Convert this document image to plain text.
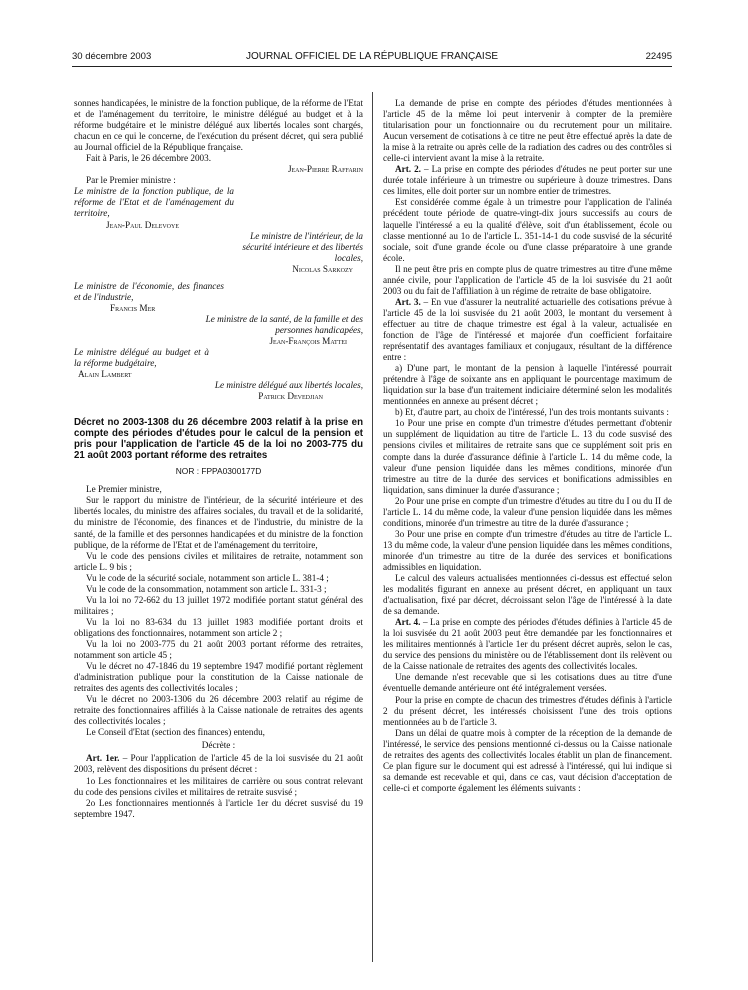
30 décembre 2003	JOURNAL OFFICIEL DE LA RÉPUBLIQUE FRANÇAISE	22495

sonnes handicapées, le ministre de la fonction publique, de la réforme de l'Etat et de l'aménagement du territoire, le ministre délégué au budget et à la réforme budgétaire et le ministre délégué aux libertés locales sont chargés, chacun en ce qui le concerne, de l'exécution du présent décret, qui sera publié au Journal officiel de la République française.

Fait à Paris, le 26 décembre 2003.

Jean-Pierre Raffarin

Par le Premier ministre :

Le ministre de la fonction publique, de la réforme de l'Etat et de l'aménagement du territoire,

Jean-Paul Delevoye

Le ministre de l'intérieur, de la sécurité intérieure et des libertés locales,

Nicolas Sarkozy

Le ministre de l'économie, des finances et de l'industrie,

Francis Mer

Le ministre de la santé, de la famille et des personnes handicapées,

Jean-François Mattei

Le ministre délégué au budget et à la réforme budgétaire,

Alain Lambert

Le ministre délégué aux libertés locales,

Patrick Devedjian

Décret no 2003-1308 du 26 décembre 2003 relatif à la prise en compte des périodes d'études pour le calcul de la pension et pris pour l'application de l'article 45 de la loi no 2003-775 du 21 août 2003 portant réforme des retraites

NOR : FPPA0300177D

Le Premier ministre,

Sur le rapport du ministre de l'intérieur, de la sécurité intérieure et des libertés locales, du ministre des affaires sociales, du travail et de la solidarité, du ministre de l'économie, des finances et de l'industrie, du ministre de la santé, de la famille et des personnes handicapées et du ministre de la fonction publique, de la réforme de l'Etat et de l'aménagement du territoire,

Vu le code des pensions civiles et militaires de retraite, notamment son article L. 9 bis ;

Vu le code de la sécurité sociale, notamment son article L. 381-4 ;

Vu le code de la consommation, notamment son article L. 331-3 ;

Vu la loi no 72-662 du 13 juillet 1972 modifiée portant statut général des militaires ;

Vu la loi no 83-634 du 13 juillet 1983 modifiée portant droits et obligations des fonctionnaires, notamment son article 2 ;

Vu la loi no 2003-775 du 21 août 2003 portant réforme des retraites, notamment son article 45 ;

Vu le décret no 47-1846 du 19 septembre 1947 modifié portant règlement d'administration publique pour la constitution de la Caisse nationale de retraites des agents des collectivités locales ;

Vu le décret no 2003-1306 du 26 décembre 2003 relatif au régime de retraite des fonctionnaires affiliés à la Caisse nationale de retraites des agents des collectivités locales ;

Le Conseil d'Etat (section des finances) entendu,

Décrète :

Art. 1er. – Pour l'application de l'article 45 de la loi susvisée du 21 août 2003, relèvent des dispositions du présent décret :

1o Les fonctionnaires et les militaires de carrière ou sous contrat relevant du code des pensions civiles et militaires de retraite susvisé ;

2o Les fonctionnaires mentionnés à l'article 1er du décret susvisé du 19 septembre 1947.

La demande de prise en compte des périodes d'études mentionnées à l'article 45 de la même loi peut intervenir à compter de la première titularisation pour un fonctionnaire ou du recrutement pour un militaire. Aucun versement de cotisations à ce titre ne peut être effectué après la date de la mise à la retraite ou après celle de la radiation des cadres ou des contrôles si celle-ci intervient avant la mise à la retraite.

Art. 2. – La prise en compte des périodes d'études ne peut porter sur une durée totale inférieure à un trimestre ou supérieure à douze trimestres. Dans ces limites, elle doit porter sur un nombre entier de trimestres.

Est considérée comme égale à un trimestre pour l'application de l'alinéa précédent toute période de quatre-vingt-dix jours successifs au cours de laquelle l'intéressé a eu la qualité d'élève, soit d'un établissement, école ou classe mentionné au 1o de l'article L. 351-14-1 du code susvisé de la sécurité sociale, soit d'une grande école ou d'une classe préparatoire à une grande école.

Il ne peut être pris en compte plus de quatre trimestres au titre d'une même année civile, pour l'application de l'article 45 de la loi susvisée du 21 août 2003 ou du fait de l'affiliation à un régime de retraite de base obligatoire.

Art. 3. – En vue d'assurer la neutralité actuarielle des cotisations prévue à l'article 45 de la loi susvisée du 21 août 2003, le montant du versement à effectuer au titre de chaque trimestre est égal à la valeur, actualisée en fonction de l'âge de l'intéressé et majorée d'un coefficient forfaitaire représentatif des avantages familiaux et conjugaux, résultant de la différence entre :

a) D'une part, le montant de la pension à laquelle l'intéressé pourrait prétendre à l'âge de soixante ans en appliquant le pourcentage maximum de liquidation sur la base d'un traitement indiciaire déterminé selon les modalités mentionnées en annexe au présent décret ;

b) Et, d'autre part, au choix de l'intéressé, l'un des trois montants suivants :

1o Pour une prise en compte d'un trimestre d'études permettant d'obtenir un supplément de liquidation au titre de l'article L. 13 du code susvisé des pensions civiles et militaires de retraite sans que ce supplément soit pris en compte dans la durée d'assurance définie à l'article L. 14 du même code, la valeur d'une pension liquidée dans les mêmes conditions, minorée d'un trimestre au titre de la durée des services et bonifications admissibles en liquidation, sans diminuer la durée d'assurance ;

2o Pour une prise en compte d'un trimestre d'études au titre du I ou du II de l'article L. 14 du même code, la valeur d'une pension liquidée dans les mêmes conditions, minorée d'un trimestre au titre de la durée d'assurance ;

3o Pour une prise en compte d'un trimestre d'études au titre de l'article L. 13 du même code, la valeur d'une pension liquidée dans les mêmes conditions, minorée d'un trimestre au titre de la durée des services et bonifications admissibles en liquidation.

Le calcul des valeurs actualisées mentionnées ci-dessus est effectué selon les modalités figurant en annexe au présent décret, en appliquant un taux d'actualisation, fixé par décret, décroissant selon l'âge de l'intéressé à la date de sa demande.

Art. 4. – La prise en compte des périodes d'études définies à l'article 45 de la loi susvisée du 21 août 2003 peut être demandée par les fonctionnaires et les militaires mentionnés à l'article 1er du présent décret auprès, selon le cas, du service des pensions du ministère ou de l'établissement dont ils relèvent ou de la Caisse nationale de retraites des agents des collectivités locales.

Une demande n'est recevable que si les cotisations dues au titre d'une éventuelle demande antérieure ont été intégralement versées.

Pour la prise en compte de chacun des trimestres d'études définis à l'article 2 du présent décret, les intéressés choisissent l'une des trois options mentionnées au b de l'article 3.

Dans un délai de quatre mois à compter de la réception de la demande de l'intéressé, le service des pensions mentionné ci-dessus ou la Caisse nationale de retraites des agents des collectivités locales établit un plan de financement. Ce plan figure sur le document qui est adressé à l'intéressé, qui lui indique si sa demande est recevable et qui, dans ce cas, vaut décision d'acceptation de celle-ci et comporte également les éléments suivants :
